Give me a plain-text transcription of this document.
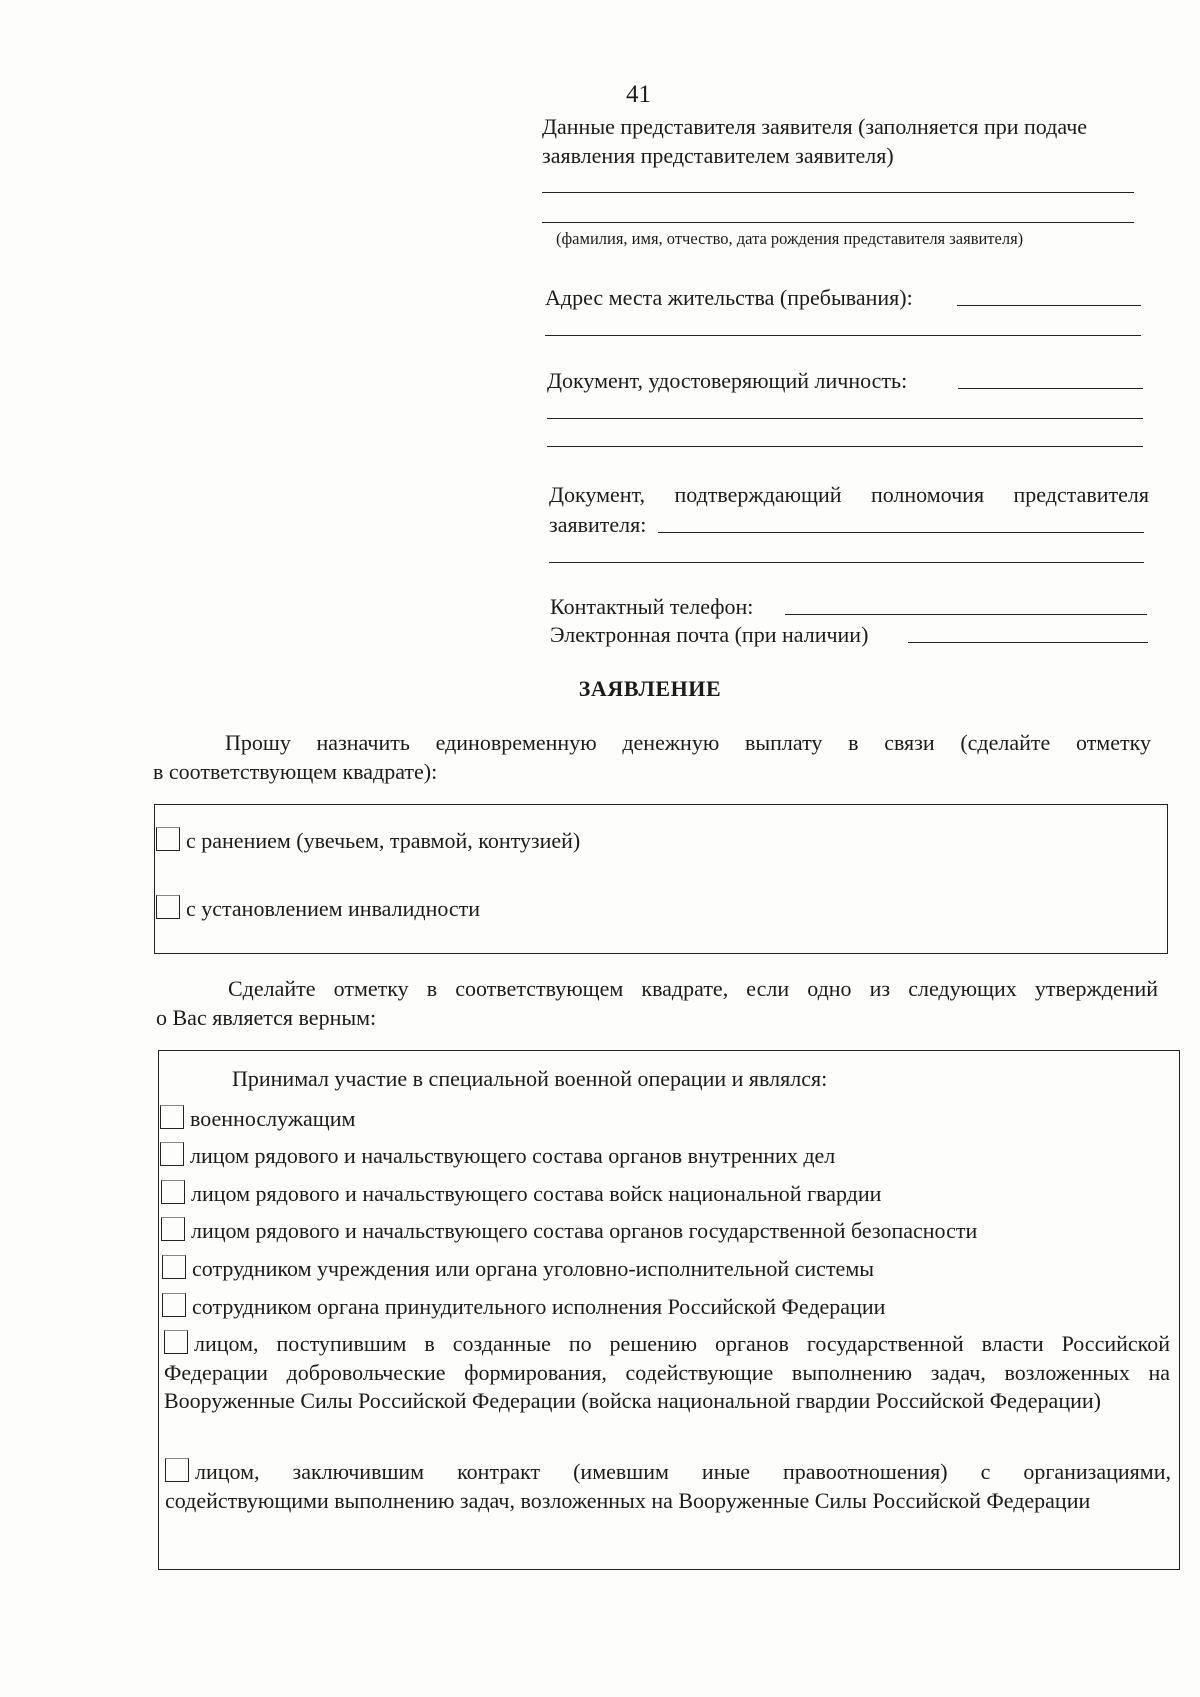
41
Данные представителя заявителя (заполняется при подаче заявления представителем заявителя)
(фамилия, имя, отчество, дата рождения представителя заявителя)
Адрес места жительства (пребывания):
Документ, удостоверяющий личность:
Документ, подтверждающий полномочия представителя
заявителя:
Контактный телефон:
Электронная почта (при наличии)
ЗАЯВЛЕНИЕ
Прошу назначить единовременную денежную выплату в связи (сделайте отметку
в соответствующем квадрате):
с ранением (увечьем, травмой, контузией)
с установлением инвалидности
Сделайте отметку в соответствующем квадрате, если одно из следующих утверждений
о Вас является верным:
Принимал участие в специальной военной операции и являлся:
военнослужащим
лицом рядового и начальствующего состава органов внутренних дел
лицом рядового и начальствующего состава войск национальной гвардии
лицом рядового и начальствующего состава органов государственной безопасности
сотрудником учреждения или органа уголовно-исполнительной системы
сотрудником органа принудительного исполнения Российской Федерации
лицом, поступившим в созданные по решению органов государственной власти Российской
Федерации добровольческие формирования, содействующие выполнению задач, возложенных на Вооруженные Силы Российской Федерации (войска национальной гвардии Российской Федерации)
лицом, заключившим контракт (имевшим иные правоотношения) с организациями,
содействующими выполнению задач, возложенных на Вооруженные Силы Российской Федерации
